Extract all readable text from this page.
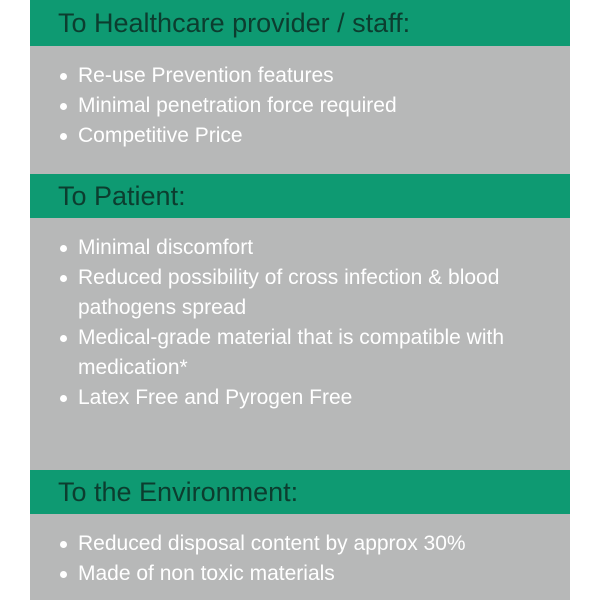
To Healthcare provider / staff:
Re-use Prevention features
Minimal penetration force required
Competitive Price
To Patient:
Minimal discomfort
Reduced possibility of cross infection & blood pathogens spread
Medical-grade material that is compatible with medication*
Latex Free and Pyrogen Free
To the Environment:
Reduced disposal content by approx 30%
Made of non toxic materials
